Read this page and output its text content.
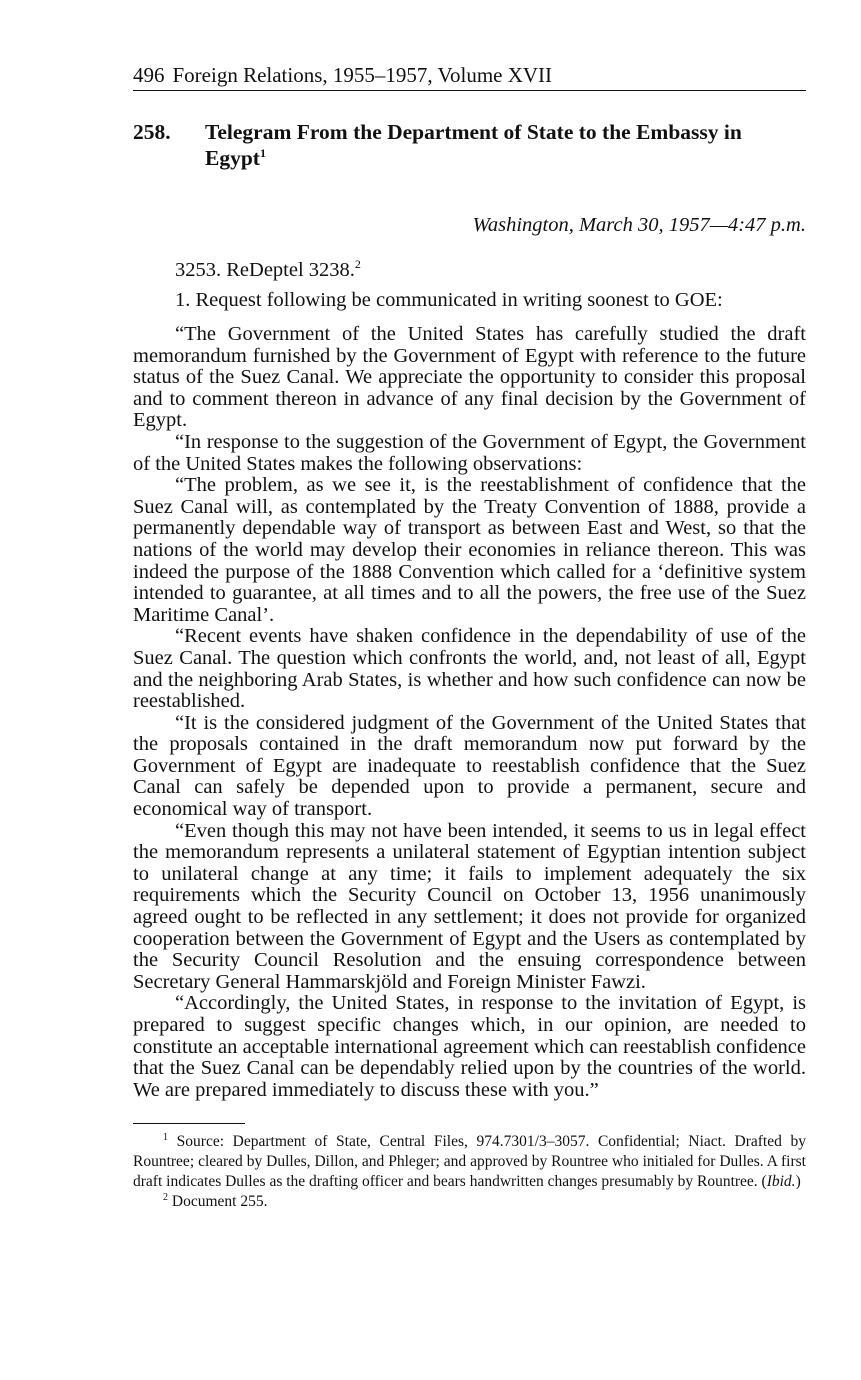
496 Foreign Relations, 1955–1957, Volume XVII
258.	Telegram From the Department of State to the Embassy in Egypt$^1$
Washington, March 30, 1957—4:47 p.m.

3253. ReDeptel 3238.$^2$

1. Request following be communicated in writing soonest to GOE:

“The Government of the United States has carefully studied the draft memorandum furnished by the Government of Egypt with reference to the future status of the Suez Canal. We appreciate the opportunity to consider this proposal and to comment thereon in advance of any final decision by the Government of Egypt.

“In response to the suggestion of the Government of Egypt, the Government of the United States makes the following observations:

“The problem, as we see it, is the reestablishment of confidence that the Suez Canal will, as contemplated by the Treaty Convention of 1888, provide a permanently dependable way of transport as between East and West, so that the nations of the world may develop their economies in reliance thereon. This was indeed the purpose of the 1888 Convention which called for a ‘definitive system intended to guarantee, at all times and to all the powers, the free use of the Suez Maritime Canal’.

“Recent events have shaken confidence in the dependability of use of the Suez Canal. The question which confronts the world, and, not least of all, Egypt and the neighboring Arab States, is whether and how such confidence can now be reestablished.

“It is the considered judgment of the Government of the United States that the proposals contained in the draft memorandum now put forward by the Government of Egypt are inadequate to reestablish confidence that the Suez Canal can safely be depended upon to provide a permanent, secure and economical way of transport.

“Even though this may not have been intended, it seems to us in legal effect the memorandum represents a unilateral statement of Egyptian intention subject to unilateral change at any time; it fails to implement adequately the six requirements which the Security Council on October 13, 1956 unanimously agreed ought to be reflected in any settlement; it does not provide for organized cooperation between the Government of Egypt and the Users as contemplated by the Security Council Resolution and the ensuing correspondence between Secretary General Hammarskjöld and Foreign Minister Fawzi.

“Accordingly, the United States, in response to the invitation of Egypt, is prepared to suggest specific changes which, in our opinion, are needed to constitute an acceptable international agreement which can reestablish confidence that the Suez Canal can be dependably relied upon by the countries of the world. We are prepared immediately to discuss these with you.”

$^1$ Source: Department of State, Central Files, 974.7301/3–3057. Confidential; Niact. Drafted by Rountree; cleared by Dulles, Dillon, and Phleger; and approved by Rountree who initialed for Dulles. A first draft indicates Dulles as the drafting officer and bears handwritten changes presumably by Rountree. (Ibid.)

$^2$ Document 255.
